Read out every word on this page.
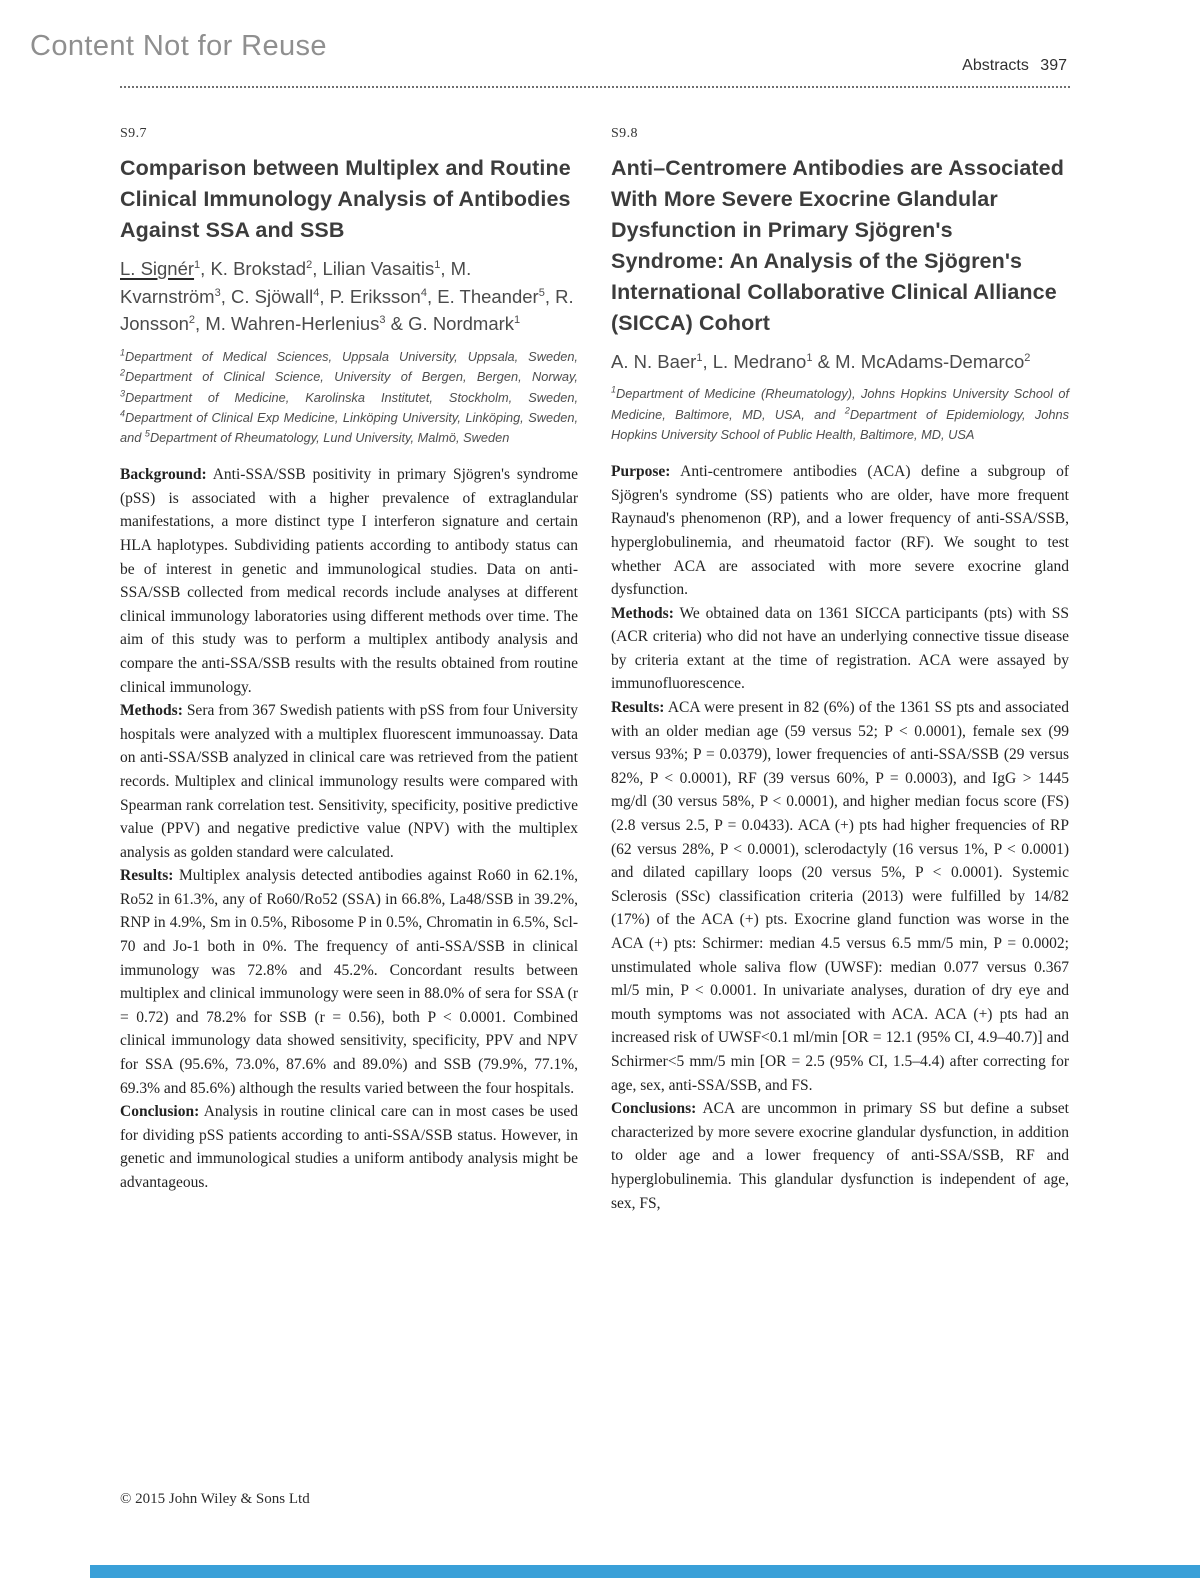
Content Not for Reuse
Abstracts 397
S9.7
Comparison between Multiplex and Routine Clinical Immunology Analysis of Antibodies Against SSA and SSB

L. Signér$^1$, K. Brokstad$^2$, Lilian Vasaitis$^1$, M. Kvarnström$^3$, C. Sjöwall$^4$, P. Eriksson$^4$, E. Theander$^5$, R. Jonsson$^2$, M. Wahren-Herlenius$^3$ & G. Nordmark$^1$

$^1$Department of Medical Sciences, Uppsala University, Uppsala, Sweden, $^2$Department of Clinical Science, University of Bergen, Bergen, Norway, $^3$Department of Medicine, Karolinska Institutet, Stockholm, Sweden, $^4$Department of Clinical Exp Medicine, Linköping University, Linköping, Sweden, and $^5$Department of Rheumatology, Lund University, Malmö, Sweden

Background: Anti-SSA/SSB positivity in primary Sjögren's syndrome (pSS) is associated with a higher prevalence of extraglandular manifestations, a more distinct type I interferon signature and certain HLA haplotypes. Subdividing patients according to antibody status can be of interest in genetic and immunological studies. Data on anti-SSA/SSB collected from medical records include analyses at different clinical immunology laboratories using different methods over time. The aim of this study was to perform a multiplex antibody analysis and compare the anti-SSA/SSB results with the results obtained from routine clinical immunology.

Methods: Sera from 367 Swedish patients with pSS from four University hospitals were analyzed with a multiplex fluorescent immunoassay. Data on anti-SSA/SSB analyzed in clinical care was retrieved from the patient records. Multiplex and clinical immunology results were compared with Spearman rank correlation test. Sensitivity, specificity, positive predictive value (PPV) and negative predictive value (NPV) with the multiplex analysis as golden standard were calculated.

Results: Multiplex analysis detected antibodies against Ro60 in 62.1%, Ro52 in 61.3%, any of Ro60/Ro52 (SSA) in 66.8%, La48/SSB in 39.2%, RNP in 4.9%, Sm in 0.5%, Ribosome P in 0.5%, Chromatin in 6.5%, Scl-70 and Jo-1 both in 0%. The frequency of anti-SSA/SSB in clinical immunology was 72.8% and 45.2%. Concordant results between multiplex and clinical immunology were seen in 88.0% of sera for SSA (r = 0.72) and 78.2% for SSB (r = 0.56), both P < 0.0001. Combined clinical immunology data showed sensitivity, specificity, PPV and NPV for SSA (95.6%, 73.0%, 87.6% and 89.0%) and SSB (79.9%, 77.1%, 69.3% and 85.6%) although the results varied between the four hospitals.

Conclusion: Analysis in routine clinical care can in most cases be used for dividing pSS patients according to anti-SSA/SSB status. However, in genetic and immunological studies a uniform antibody analysis might be advantageous.

S9.8
Anti–Centromere Antibodies are Associated With More Severe Exocrine Glandular Dysfunction in Primary Sjögren's Syndrome: An Analysis of the Sjögren's International Collaborative Clinical Alliance (SICCA) Cohort

A. N. Baer$^1$, L. Medrano$^1$ & M. McAdams-Demarco$^2$

$^1$Department of Medicine (Rheumatology), Johns Hopkins University School of Medicine, Baltimore, MD, USA, and $^2$Department of Epidemiology, Johns Hopkins University School of Public Health, Baltimore, MD, USA

Purpose: Anti-centromere antibodies (ACA) define a subgroup of Sjögren's syndrome (SS) patients who are older, have more frequent Raynaud's phenomenon (RP), and a lower frequency of anti-SSA/SSB, hyperglobulinemia, and rheumatoid factor (RF). We sought to test whether ACA are associated with more severe exocrine gland dysfunction.

Methods: We obtained data on 1361 SICCA participants (pts) with SS (ACR criteria) who did not have an underlying connective tissue disease by criteria extant at the time of registration. ACA were assayed by immunofluorescence.

Results: ACA were present in 82 (6%) of the 1361 SS pts and associated with an older median age (59 versus 52; P < 0.0001), female sex (99 versus 93%; P = 0.0379), lower frequencies of anti-SSA/SSB (29 versus 82%, P < 0.0001), RF (39 versus 60%, P = 0.0003), and IgG > 1445 mg/dl (30 versus 58%, P < 0.0001), and higher median focus score (FS) (2.8 versus 2.5, P = 0.0433). ACA (+) pts had higher frequencies of RP (62 versus 28%, P < 0.0001), sclerodactyly (16 versus 1%, P < 0.0001) and dilated capillary loops (20 versus 5%, P < 0.0001). Systemic Sclerosis (SSc) classification criteria (2013) were fulfilled by 14/82 (17%) of the ACA (+) pts. Exocrine gland function was worse in the ACA (+) pts: Schirmer: median 4.5 versus 6.5 mm/5 min, P = 0.0002; unstimulated whole saliva flow (UWSF): median 0.077 versus 0.367 ml/5 min, P < 0.0001. In univariate analyses, duration of dry eye and mouth symptoms was not associated with ACA. ACA (+) pts had an increased risk of UWSF<0.1 ml/min [OR = 12.1 (95% CI, 4.9–40.7)] and Schirmer<5 mm/5 min [OR = 2.5 (95% CI, 1.5–4.4) after correcting for age, sex, anti-SSA/SSB, and FS.

Conclusions: ACA are uncommon in primary SS but define a subset characterized by more severe exocrine glandular dysfunction, in addition to older age and a lower frequency of anti-SSA/SSB, RF and hyperglobulinemia. This glandular dysfunction is independent of age, sex, FS,

© 2015 John Wiley & Sons Ltd
